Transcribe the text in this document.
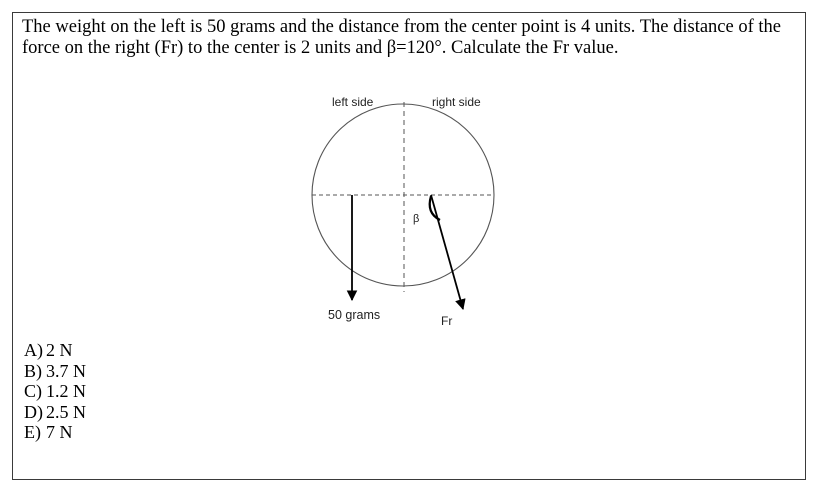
The weight on the left is 50 grams and the distance from the center point is 4 units. The distance of the force on the right (Fr) to the center is 2 units and β=120°. Calculate the Fr value.

left side	right side
50 grams	Fr
β
A) 2 N
B) 3.7 N
C) 1.2 N
D) 2.5 N
E) 7 N
